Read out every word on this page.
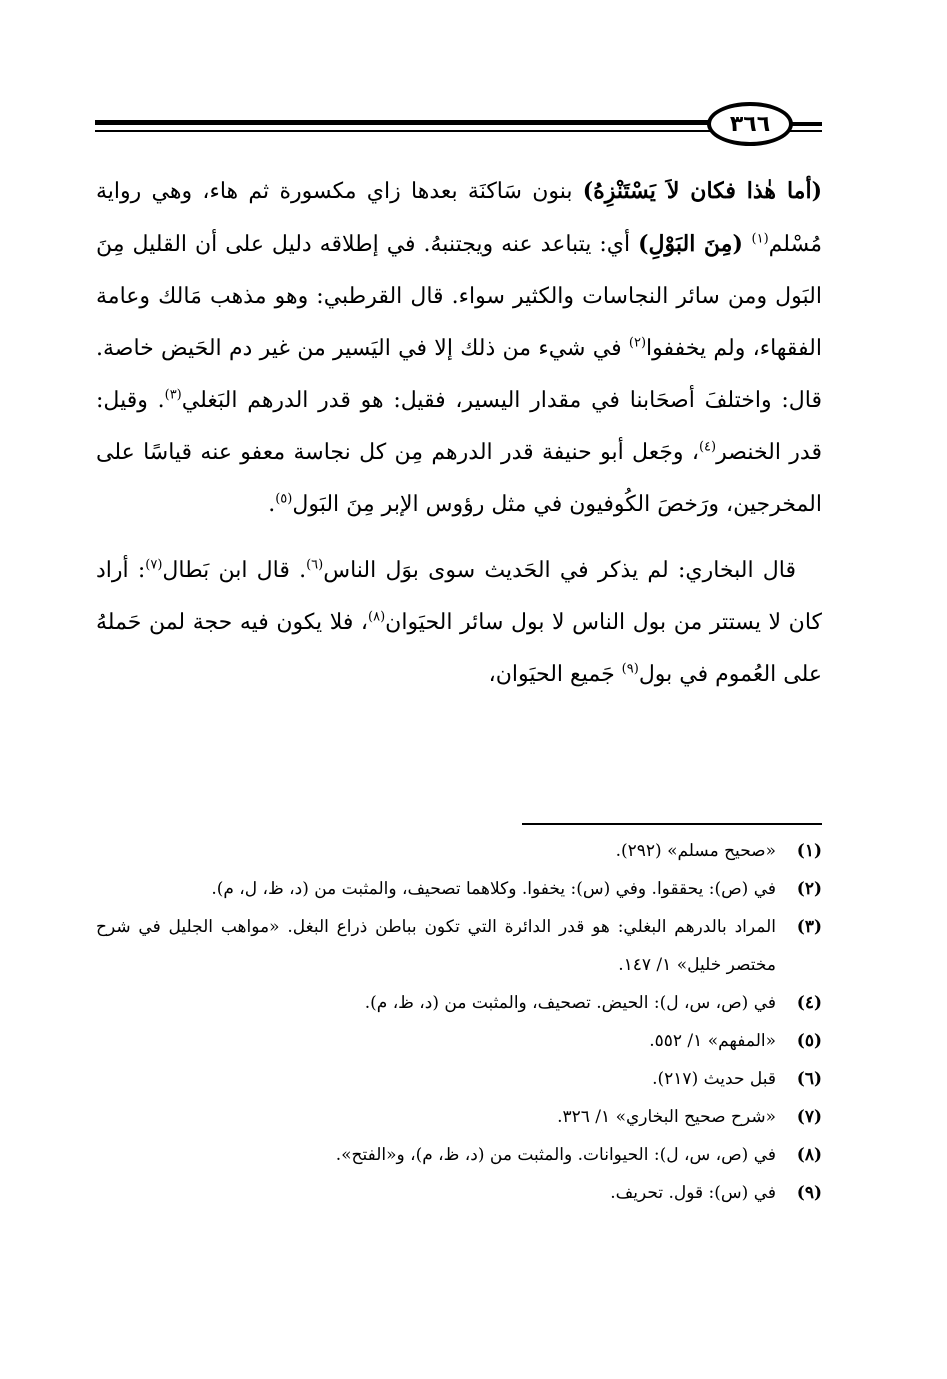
٣٦٦

(أما هٰذا فكان لاَ يَسْتَنْزِهُ) بنون سَاكنَة بعدها زاي مكسورة ثم هاء، وهي رواية مُسْلم$^{(١)}$ (مِنَ البَوْلِ) أي: يتباعد عنه ويجتنبهُ. في إطلاقه دليل على أن القليل مِنَ البَول ومن سائر النجاسات والكثير سواء. قال القرطبي: وهو مذهب مَالك وعامة الفقهاء، ولم يخففوا$^{(٢)}$ في شيء من ذلك إلا في اليَسير من غير دم الحَيض خاصة. قال: واختلفَ أصحَابنا في مقدار اليسير، فقيل: هو قدر الدرهم البَغلي$^{(٣)}$. وقيل: قدر الخنصر$^{(٤)}$، وجَعل أبو حنيفة قدر الدرهم مِن كل نجاسة معفو عنه قياسًا على المخرجين، ورَخصَ الكُوفيون في مثل رؤوس الإبر مِنَ البَول$^{(٥)}$.

قال البخاري: لم يذكر في الحَديث سوى بوَل الناس$^{(٦)}$. قال ابن بَطال$^{(٧)}$: أراد كان لا يستتر من بول الناس لا بول سائر الحيَوان$^{(٨)}$، فلا يكون فيه حجة لمن حَملهُ على العُموم في بول$^{(٩)}$ جَميع الحيَوان،

(١)
«صحيح مسلم» (٢٩٢).
(٢)
في (ص): يحققوا. وفي (س): يخفوا. وكلاهما تصحيف، والمثبت من (د، ظ، ل، م).
(٣)
المراد بالدرهم البغلي: هو قدر الدائرة التي تكون بباطن ذراع البغل. «مواهب الجليل في شرح مختصر خليل» ١/ ١٤٧.
(٤)
في (ص، س، ل): الحيض. تصحيف، والمثبت من (د، ظ، م).
(٥)
«المفهم» ١/ ٥٥٢.
(٦)
قبل حديث (٢١٧).
(٧)
«شرح صحيح البخاري» ١/ ٣٢٦.
(٨)
في (ص، س، ل): الحيوانات. والمثبت من (د، ظ، م)، و«الفتح».
(٩)
في (س): قول. تحريف.
